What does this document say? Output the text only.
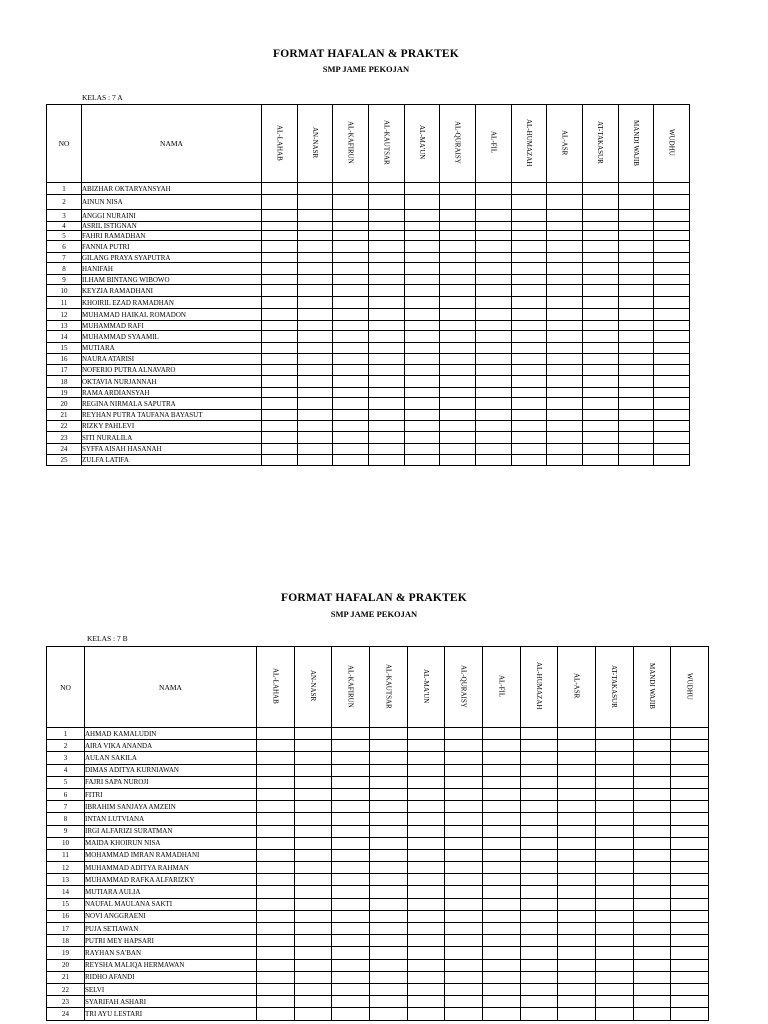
FORMAT HAFALAN & PRAKTEK
SMP JAME PEKOJAN
KELAS : 7 A
NO	NAMA	AL-LAHAB	AN-NASR	AL-KAFIRUN	AL-KAUTSAR	AL-MA'UN	AL-QURAISY	AL-FIL	AL-HUMAZAH	AL-ASR	AT-TAKASUR	MANDI WAJIB	WUDHU
1	ABIZHAR OKTARYANSYAH												
2	AINUN NISA												
3	ANGGI NURAINI												
4	ASRIL ISTIGNAN												
5	FAHRI RAMADHAN												
6	FANNIA PUTRI												
7	GILANG PRAYA SYAPUTRA												
8	HANIFAH												
9	ILHAM BINTANG WIBOWO												
10	KEYZIA RAMADHANI												
11	KHOIRIL EZAD RAMADHAN												
12	MUHAMAD HAIKAL ROMADON												
13	MUHAMMAD RAFI												
14	MUHAMMAD SYAAMIL												
15	MUTIARA												
16	NAURA ATARISI												
17	NOFERIO PUTRA ALNAVARO												
18	OKTAVIA NURJANNAH												
19	RAMA ARDIANSYAH												
20	REGINA NIRMALA SAPUTRA												
21	REYHAN PUTRA TAUFANA BAYASUT												
22	RIZKY PAHLEVI												
23	SITI NURALILA												
24	SYFFA AISAH HASANAH												
25	ZULFA LATIFA												
FORMAT HAFALAN & PRAKTEK
SMP JAME PEKOJAN
KELAS : 7 B
NO	NAMA	AL-LAHAB	AN-NASR	AL-KAFIRUN	AL-KAUTSAR	AL-MA'UN	AL-QURAISY	AL-FIL	AL-HUMAZAH	AL-ASR	AT-TAKASUR	MANDI WAJIB	WUDHU
1	AHMAD KAMALUDIN												
2	AIRA VIKA ANANDA												
3	AULAN SAKILA												
4	DIMAS ADITYA KURNIAWAN												
5	FAJRI SAPA NUROJI												
6	FITRI												
7	IBRAHIM SANJAYA AMZEIN												
8	INTAN LUTVIANA												
9	IRGI ALFARIZI SURATMAN												
10	MAIDA KHOIRUN NISA												
11	MOHAMMAD IMRAN RAMADHANI												
12	MUHAMMAD ADITYA RAHMAN												
13	MUHAMMAD RAFKA ALFARIZKY												
14	MUTIARA AULIA												
15	NAUFAL MAULANA SAKTI												
16	NOVI ANGGRAENI												
17	PUJA SETIAWAN												
18	PUTRI MEY HAPSARI												
19	RAYHAN SA'BAN												
20	REYSHA MALIQA HERMAWAN												
21	RIDHO AFANDI												
22	SELVI												
23	SYARIFAH ASHARI												
24	TRI AYU LESTARI												
